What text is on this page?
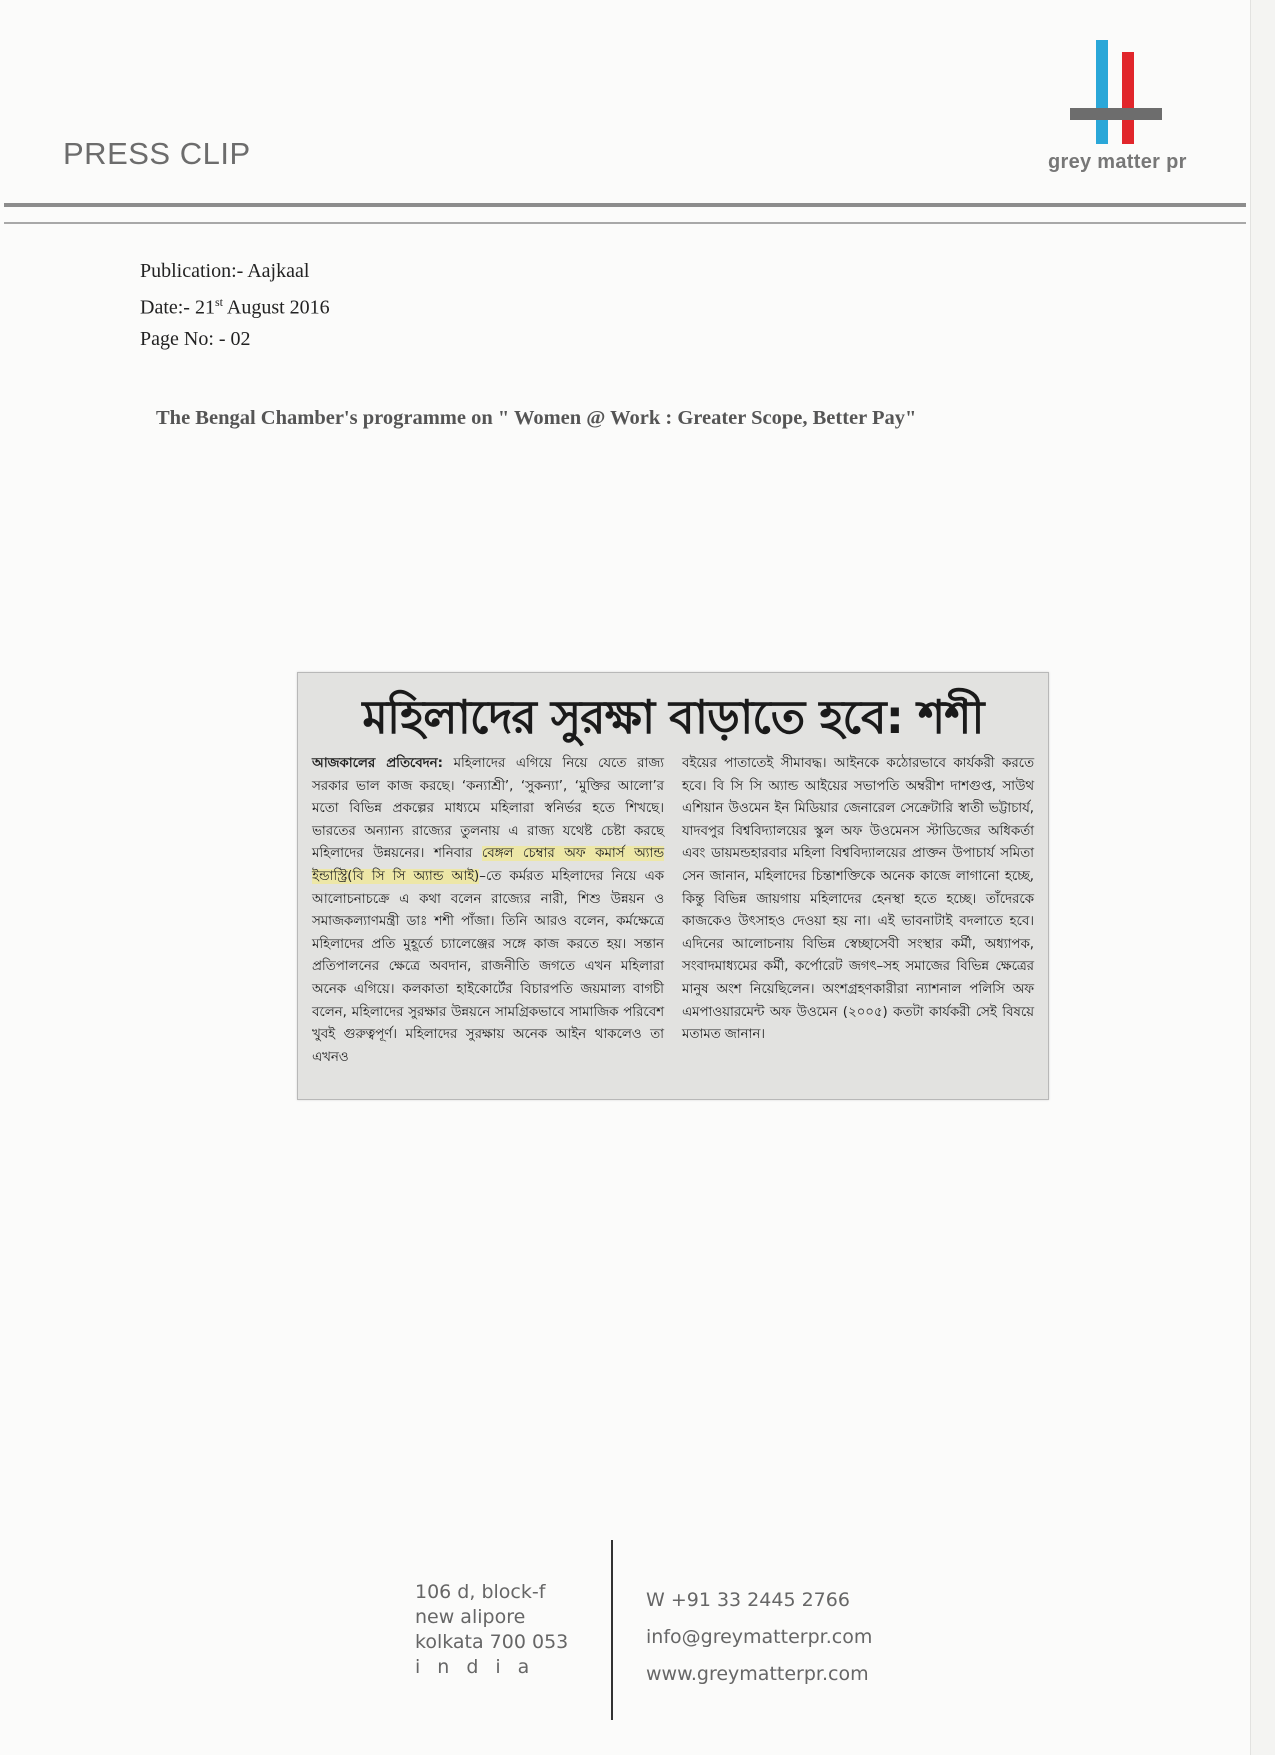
PRESS CLIP	grey matter pr
Publication:- Aajkaal
Date:- 21st August 2016
Page No: - 02
The Bengal Chamber's programme on " Women @ Work : Greater Scope, Better Pay"
মহিলাদের সুরক্ষা বাড়াতে হবে: শশী
আজকালের প্রতিবেদন: মহিলাদের এগিয়ে নিয়ে যেতে রাজ্য সরকার ভাল কাজ করছে। ‘কন্যাশ্রী’, ‘সুকন্যা’, ‘মুক্তির আলো’র মতো বিভিন্ন প্রকল্পের মাধ্যমে মহিলারা স্বনির্ভর হতে শিখছে। ভারতের অন্যান্য রাজ্যের তুলনায় এ রাজ্য যথেষ্ট চেষ্টা করছে মহিলাদের উন্নয়নের। শনিবার বেঙ্গল চেম্বার অফ কমার্স অ্যান্ড ইন্ডাস্ট্রি(বি সি সি অ্যান্ড আই)–তে কর্মরত মহিলাদের নিয়ে এক আলোচনাচক্রে এ কথা বলেন রাজ্যের নারী, শিশু উন্নয়ন ও সমাজকল্যাণমন্ত্রী ডাঃ শশী পাঁজা। তিনি আরও বলেন, কর্মক্ষেত্রে মহিলাদের প্রতি মুহূর্তে চ্যালেঞ্জের সঙ্গে কাজ করতে হয়। সন্তান প্রতিপালনের ক্ষেত্রে অবদান, রাজনীতি জগতে এখন মহিলারা অনেক এগিয়ে। কলকাতা হাইকোর্টের বিচারপতি জয়মাল্য বাগচী বলেন, মহিলাদের সুরক্ষার উন্নয়নে সামগ্রিকভাবে সামাজিক পরিবেশ খুবই গুরুত্বপূর্ণ। মহিলাদের সুরক্ষায় অনেক আইন থাকলেও তা এখনও
বইয়ের পাতাতেই সীমাবদ্ধ। আইনকে কঠোরভাবে কার্যকরী করতে হবে। বি সি সি অ্যান্ড আইয়ের সভাপতি অম্বরীশ দাশগুপ্ত, সাউথ এশিয়ান উওমেন ইন মিডিয়ার জেনারেল সেক্রেটারি স্বাতী ভট্টাচার্য, যাদবপুর বিশ্ববিদ্যালয়ের স্কুল অফ উওমেনস স্টাডিজের অধিকর্তা এবং ডায়মন্ডহারবার মহিলা বিশ্ববিদ্যালয়ের প্রাক্তন উপাচার্য সমিতা সেন জানান, মহিলাদের চিন্তাশক্তিকে অনেক কাজে লাগানো হচ্ছে, কিন্তু বিভিন্ন জায়গায় মহিলাদের হেনস্থা হতে হচ্ছে। তাঁদেরকে কাজকেও উৎসাহও দেওয়া হয় না। এই ভাবনাটাই বদলাতে হবে। এদিনের আলোচনায় বিভিন্ন স্বেচ্ছাসেবী সংস্থার কর্মী, অধ্যাপক, সংবাদমাধ্যমের কর্মী, কর্পোরেট জগৎ–সহ সমাজের বিভিন্ন ক্ষেত্রের মানুষ অংশ নিয়েছিলেন। অংশগ্রহণকারীরা ন্যাশনাল পলিসি অফ এমপাওয়ারমেন্ট অফ উওমেন (২০০৫) কতটা কার্যকরী সেই বিষয়ে মতামত জানান।
106 d, block-f
new alipore
kolkata 700 053
india
W +91 33 2445 2766
info@greymatterpr.com
www.greymatterpr.com
